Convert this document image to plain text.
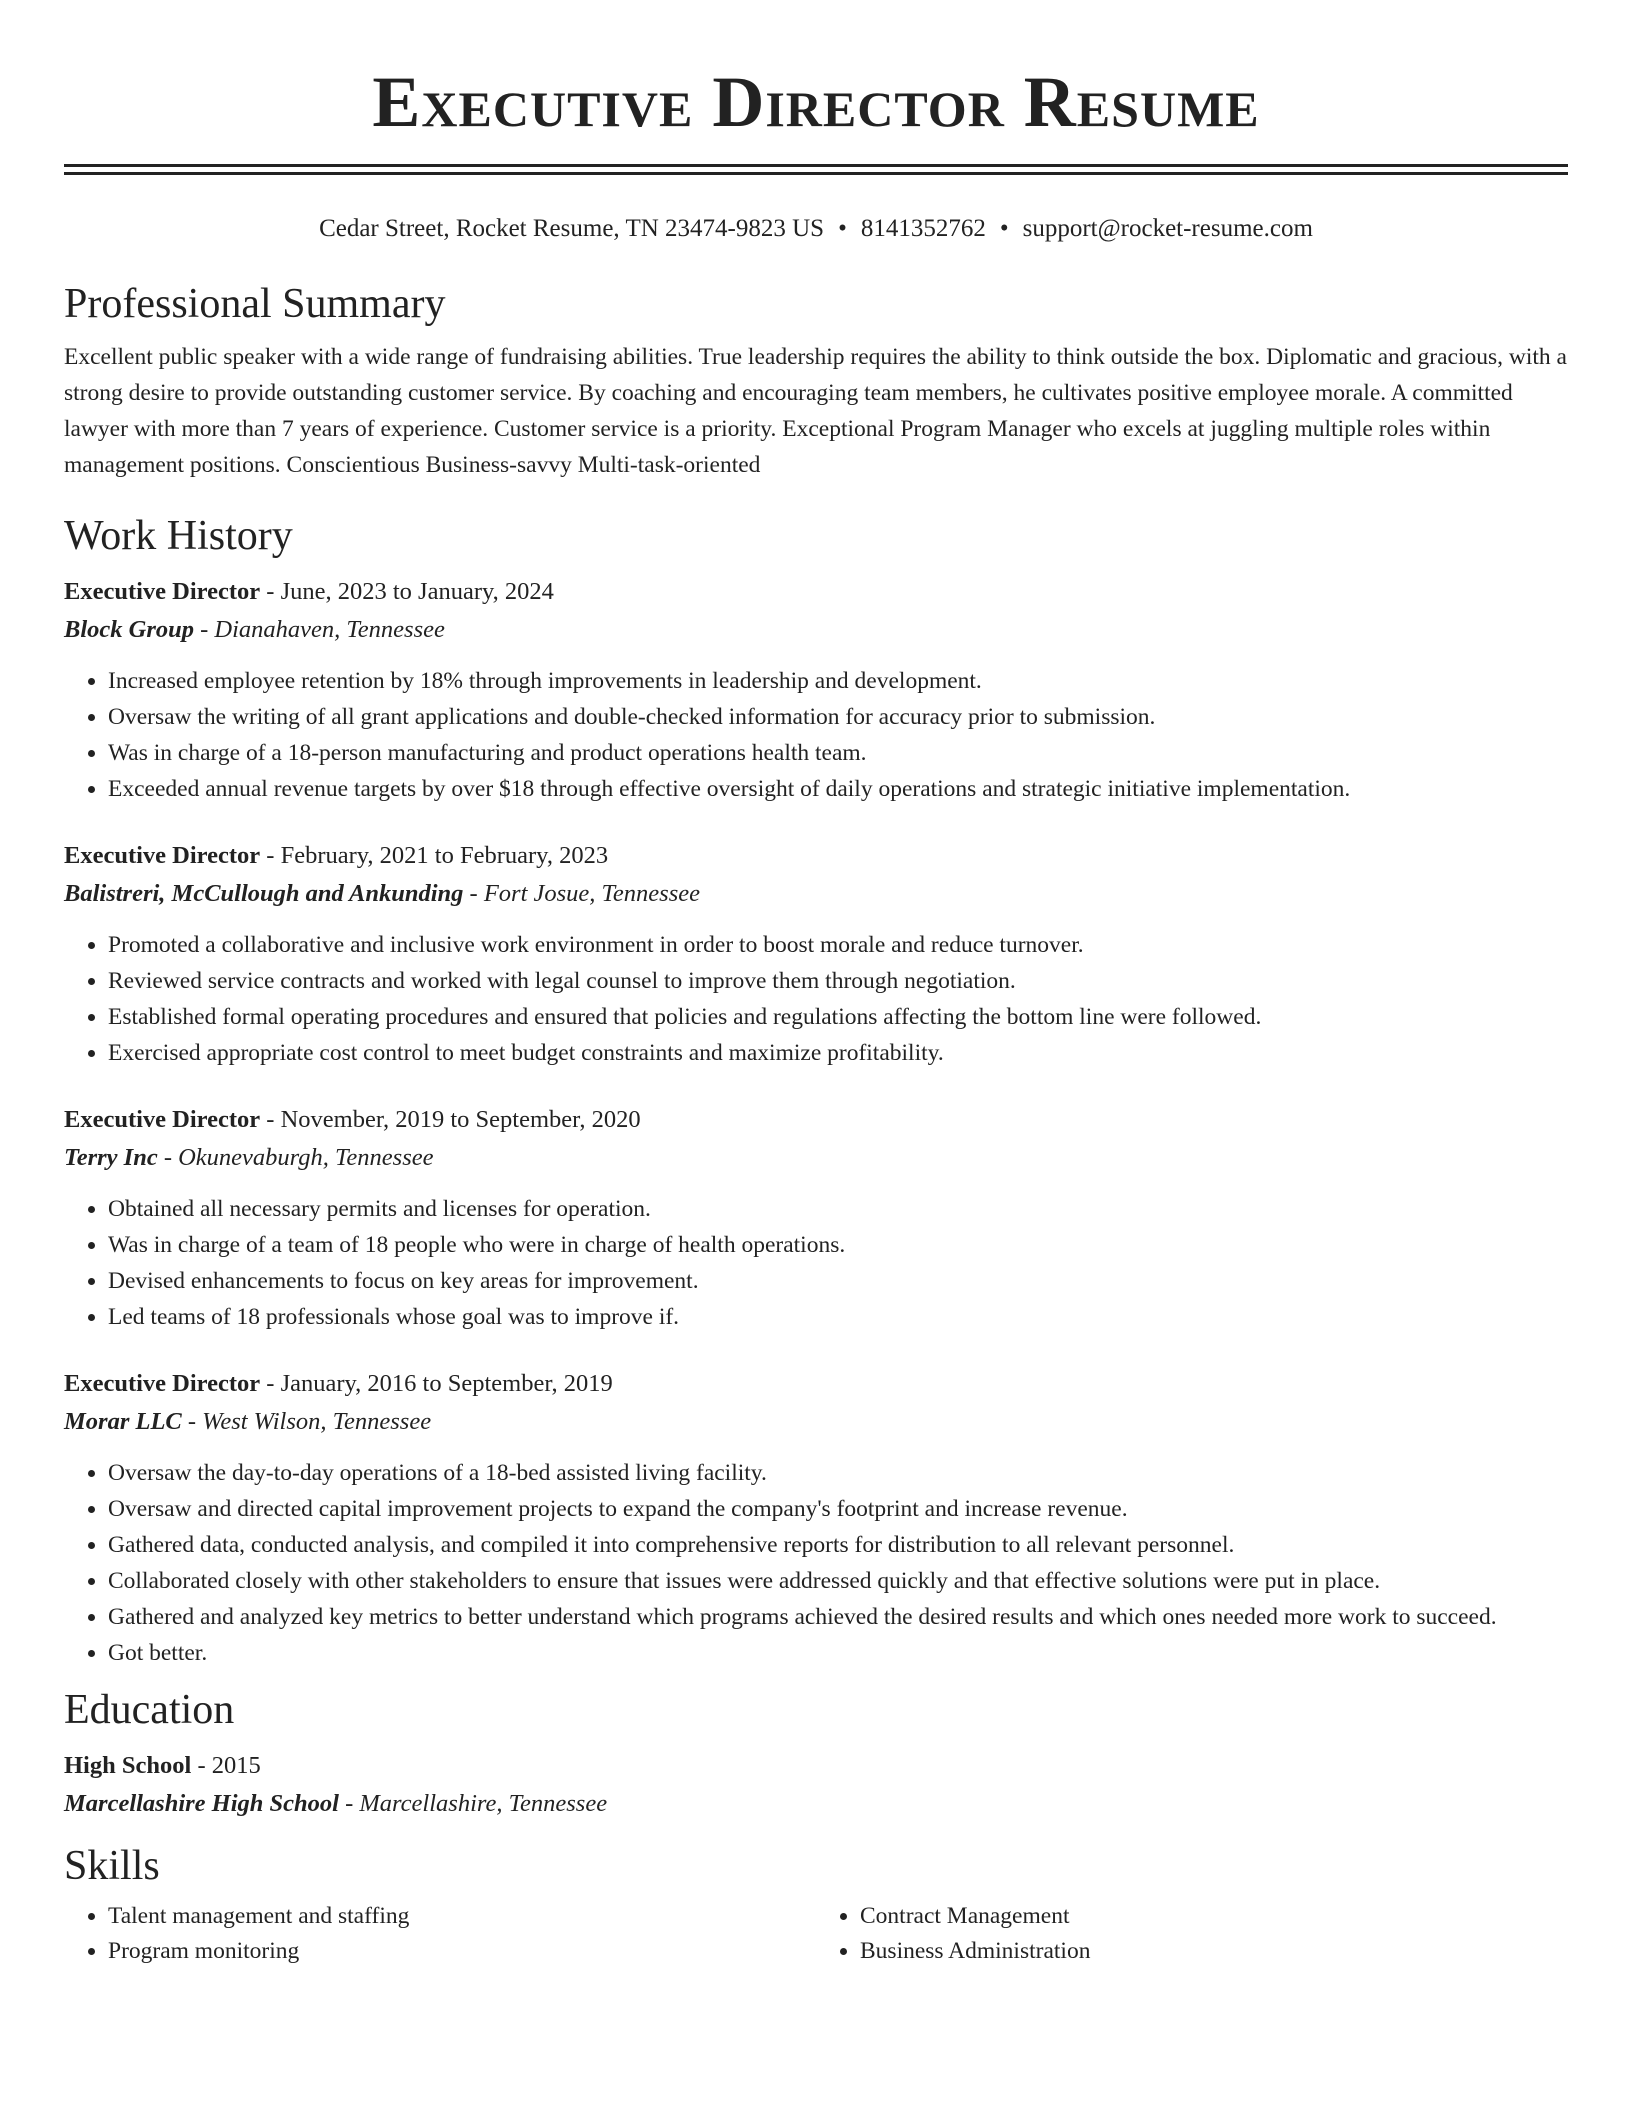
Executive Director Resume
Cedar Street, Rocket Resume, TN 23474-9823 US • 8141352762 • support@rocket-resume.com
Professional Summary
Excellent public speaker with a wide range of fundraising abilities. True leadership requires the ability to think outside the box. Diplomatic and gracious, with a strong desire to provide outstanding customer service. By coaching and encouraging team members, he cultivates positive employee morale. A committed lawyer with more than 7 years of experience. Customer service is a priority. Exceptional Program Manager who excels at juggling multiple roles within management positions. Conscientious Business-savvy Multi-task-oriented
Work History
Executive Director - June, 2023 to January, 2024
Block Group - Dianahaven, Tennessee
• Increased employee retention by 18% through improvements in leadership and development.
• Oversaw the writing of all grant applications and double-checked information for accuracy prior to submission.
• Was in charge of a 18-person manufacturing and product operations health team.
• Exceeded annual revenue targets by over $18 through effective oversight of daily operations and strategic initiative implementation.
Executive Director - February, 2021 to February, 2023
Balistreri, McCullough and Ankunding - Fort Josue, Tennessee
• Promoted a collaborative and inclusive work environment in order to boost morale and reduce turnover.
• Reviewed service contracts and worked with legal counsel to improve them through negotiation.
• Established formal operating procedures and ensured that policies and regulations affecting the bottom line were followed.
• Exercised appropriate cost control to meet budget constraints and maximize profitability.
Executive Director - November, 2019 to September, 2020
Terry Inc - Okunevaburgh, Tennessee
• Obtained all necessary permits and licenses for operation.
• Was in charge of a team of 18 people who were in charge of health operations.
• Devised enhancements to focus on key areas for improvement.
• Led teams of 18 professionals whose goal was to improve if.
Executive Director - January, 2016 to September, 2019
Morar LLC - West Wilson, Tennessee
• Oversaw the day-to-day operations of a 18-bed assisted living facility.
• Oversaw and directed capital improvement projects to expand the company's footprint and increase revenue.
• Gathered data, conducted analysis, and compiled it into comprehensive reports for distribution to all relevant personnel.
• Collaborated closely with other stakeholders to ensure that issues were addressed quickly and that effective solutions were put in place.
• Gathered and analyzed key metrics to better understand which programs achieved the desired results and which ones needed more work to succeed.
• Got better.
Education
High School - 2015
Marcellashire High School - Marcellashire, Tennessee
Skills
• Talent management and staffing
• Program monitoring
• Contract Management
• Business Administration
